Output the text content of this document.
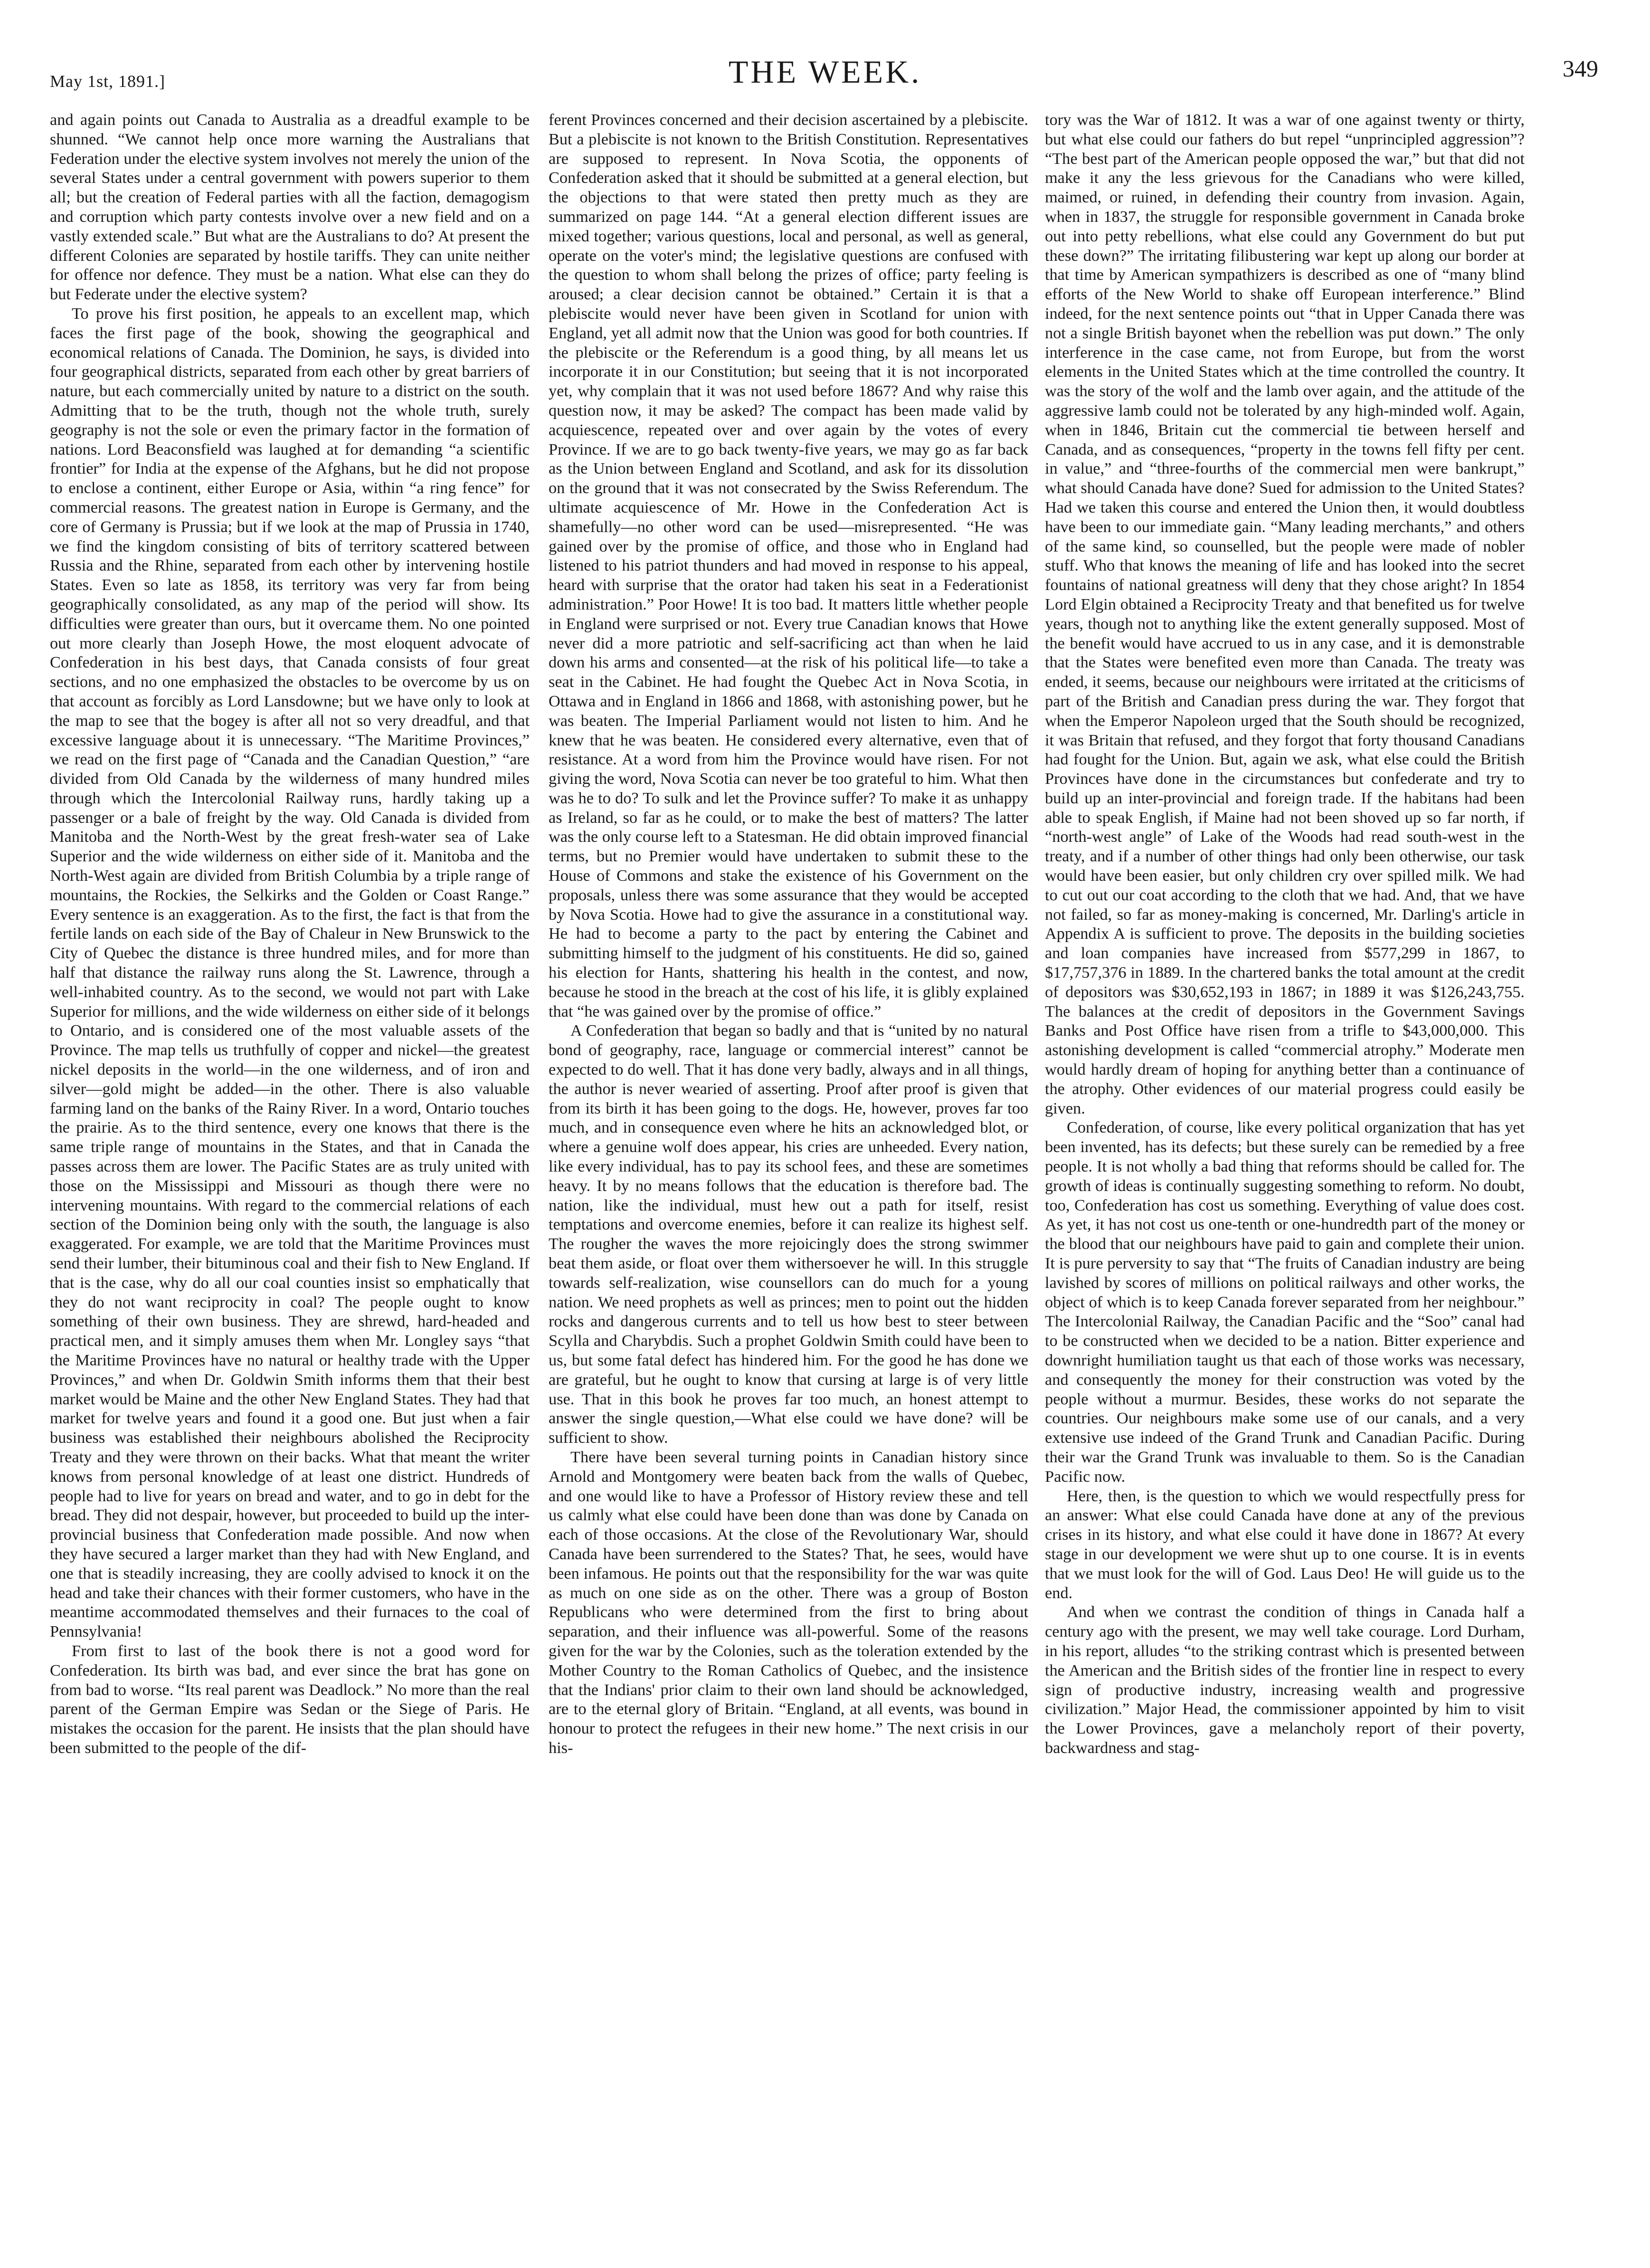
May 1st, 1891.]	THE WEEK.	349

and again points out Canada to Australia as a dreadful example to be shunned. “We cannot help once more warning the Australians that Federation under the elective system involves not merely the union of the several States under a central government with powers superior to them all; but the creation of Federal parties with all the faction, demagogism and corruption which party contests involve over a new field and on a vastly extended scale.” But what are the Australians to do? At present the different Colonies are separated by hostile tariffs. They can unite neither for offence nor defence. They must be a nation. What else can they do but Federate under the elective system?

To prove his first position, he appeals to an excellent map, which faces the first page of the book, showing the geographical and economical relations of Canada. The Dominion, he says, is divided into four geographical districts, separated from each other by great barriers of nature, but each commercially united by nature to a district on the south. Admitting that to be the truth, though not the whole truth, surely geography is not the sole or even the primary factor in the formation of nations. Lord Beaconsfield was laughed at for demanding “a scientific frontier” for India at the expense of the Afghans, but he did not propose to enclose a continent, either Europe or Asia, within “a ring fence” for commercial reasons. The greatest nation in Europe is Germany, and the core of Germany is Prussia; but if we look at the map of Prussia in 1740, we find the kingdom consisting of bits of territory scattered between Russia and the Rhine, separated from each other by intervening hostile States. Even so late as 1858, its territory was very far from being geographically consolidated, as any map of the period will show. Its difficulties were greater than ours, but it overcame them. No one pointed out more clearly than Joseph Howe, the most eloquent advocate of Confederation in his best days, that Canada consists of four great sections, and no one emphasized the obstacles to be overcome by us on that account as forcibly as Lord Lansdowne; but we have only to look at the map to see that the bogey is after all not so very dreadful, and that excessive language about it is unnecessary. “The Maritime Provinces,” we read on the first page of “Canada and the Canadian Question,” “are divided from Old Canada by the wilderness of many hundred miles through which the Intercolonial Railway runs, hardly taking up a passenger or a bale of freight by the way. Old Canada is divided from Manitoba and the North-West by the great fresh-water sea of Lake Superior and the wide wilderness on either side of it. Manitoba and the North-West again are divided from British Columbia by a triple range of mountains, the Rockies, the Selkirks and the Golden or Coast Range.” Every sentence is an exaggeration. As to the first, the fact is that from the fertile lands on each side of the Bay of Chaleur in New Brunswick to the City of Quebec the distance is three hundred miles, and for more than half that distance the railway runs along the St. Lawrence, through a well-inhabited country. As to the second, we would not part with Lake Superior for millions, and the wide wilderness on either side of it belongs to Ontario, and is considered one of the most valuable assets of the Province. The map tells us truthfully of copper and nickel—the greatest nickel deposits in the world—in the one wilderness, and of iron and silver—gold might be added—in the other. There is also valuable farming land on the banks of the Rainy River. In a word, Ontario touches the prairie. As to the third sentence, every one knows that there is the same triple range of mountains in the States, and that in Canada the passes across them are lower. The Pacific States are as truly united with those on the Mississippi and Missouri as though there were no intervening mountains. With regard to the commercial relations of each section of the Dominion being only with the south, the language is also exaggerated. For example, we are told that the Maritime Provinces must send their lumber, their bituminous coal and their fish to New England. If that is the case, why do all our coal counties insist so emphatically that they do not want reciprocity in coal? The people ought to know something of their own business. They are shrewd, hard-headed and practical men, and it simply amuses them when Mr. Longley says “that the Maritime Provinces have no natural or healthy trade with the Upper Provinces,” and when Dr. Goldwin Smith informs them that their best market would be Maine and the other New England States. They had that market for twelve years and found it a good one. But just when a fair business was established their neighbours abolished the Reciprocity Treaty and they were thrown on their backs. What that meant the writer knows from personal knowledge of at least one district. Hundreds of people had to live for years on bread and water, and to go in debt for the bread. They did not despair, however, but proceeded to build up the inter-provincial business that Confederation made possible. And now when they have secured a larger market than they had with New England, and one that is steadily increasing, they are coolly advised to knock it on the head and take their chances with their former customers, who have in the meantime accommodated themselves and their furnaces to the coal of Pennsylvania!

From first to last of the book there is not a good word for Confederation. Its birth was bad, and ever since the brat has gone on from bad to worse. “Its real parent was Deadlock.” No more than the real parent of the German Empire was Sedan or the Siege of Paris. He mistakes the occasion for the parent. He insists that the plan should have been submitted to the people of the dif-

ferent Provinces concerned and their decision ascertained by a plebiscite. But a plebiscite is not known to the British Constitution. Representatives are supposed to represent. In Nova Scotia, the opponents of Confederation asked that it should be submitted at a general election, but the objections to that were stated then pretty much as they are summarized on page 144. “At a general election different issues are mixed together; various questions, local and personal, as well as general, operate on the voter's mind; the legislative questions are confused with the question to whom shall belong the prizes of office; party feeling is aroused; a clear decision cannot be obtained.” Certain it is that a plebiscite would never have been given in Scotland for union with England, yet all admit now that the Union was good for both countries. If the plebiscite or the Referendum is a good thing, by all means let us incorporate it in our Constitution; but seeing that it is not incorporated yet, why complain that it was not used before 1867? And why raise this question now, it may be asked? The compact has been made valid by acquiescence, repeated over and over again by the votes of every Province. If we are to go back twenty-five years, we may go as far back as the Union between England and Scotland, and ask for its dissolution on the ground that it was not consecrated by the Swiss Referendum. The ultimate acquiescence of Mr. Howe in the Confederation Act is shamefully—no other word can be used—misrepresented. “He was gained over by the promise of office, and those who in England had listened to his patriot thunders and had moved in response to his appeal, heard with surprise that the orator had taken his seat in a Federationist administration.” Poor Howe! It is too bad. It matters little whether people in England were surprised or not. Every true Canadian knows that Howe never did a more patriotic and self-sacrificing act than when he laid down his arms and consented—at the risk of his political life—to take a seat in the Cabinet. He had fought the Quebec Act in Nova Scotia, in Ottawa and in England in 1866 and 1868, with astonishing power, but he was beaten. The Imperial Parliament would not listen to him. And he knew that he was beaten. He considered every alternative, even that of resistance. At a word from him the Province would have risen. For not giving the word, Nova Scotia can never be too grateful to him. What then was he to do? To sulk and let the Province suffer? To make it as unhappy as Ireland, so far as he could, or to make the best of matters? The latter was the only course left to a Statesman. He did obtain improved financial terms, but no Premier would have undertaken to submit these to the House of Commons and stake the existence of his Government on the proposals, unless there was some assurance that they would be accepted by Nova Scotia. Howe had to give the assurance in a constitutional way. He had to become a party to the pact by entering the Cabinet and submitting himself to the judgment of his constituents. He did so, gained his election for Hants, shattering his health in the contest, and now, because he stood in the breach at the cost of his life, it is glibly explained that “he was gained over by the promise of office.”

A Confederation that began so badly and that is “united by no natural bond of geography, race, language or commercial interest” cannot be expected to do well. That it has done very badly, always and in all things, the author is never wearied of asserting. Proof after proof is given that from its birth it has been going to the dogs. He, however, proves far too much, and in consequence even where he hits an acknowledged blot, or where a genuine wolf does appear, his cries are unheeded. Every nation, like every individual, has to pay its school fees, and these are sometimes heavy. It by no means follows that the education is therefore bad. The nation, like the individual, must hew out a path for itself, resist temptations and overcome enemies, before it can realize its highest self. The rougher the waves the more rejoicingly does the strong swimmer beat them aside, or float over them withersoever he will. In this struggle towards self-realization, wise counsellors can do much for a young nation. We need prophets as well as princes; men to point out the hidden rocks and dangerous currents and to tell us how best to steer between Scylla and Charybdis. Such a prophet Goldwin Smith could have been to us, but some fatal defect has hindered him. For the good he has done we are grateful, but he ought to know that cursing at large is of very little use. That in this book he proves far too much, an honest attempt to answer the single question,—What else could we have done? will be sufficient to show.

There have been several turning points in Canadian history since Arnold and Montgomery were beaten back from the walls of Quebec, and one would like to have a Professor of History review these and tell us calmly what else could have been done than was done by Canada on each of those occasions. At the close of the Revolutionary War, should Canada have been surrendered to the States? That, he sees, would have been infamous. He points out that the responsibility for the war was quite as much on one side as on the other. There was a group of Boston Republicans who were determined from the first to bring about separation, and their influence was all-powerful. Some of the reasons given for the war by the Colonies, such as the toleration extended by the Mother Country to the Roman Catholics of Quebec, and the insistence that the Indians' prior claim to their own land should be acknowledged, are to the eternal glory of Britain. “England, at all events, was bound in honour to protect the refugees in their new home.” The next crisis in our his-

tory was the War of 1812. It was a war of one against twenty or thirty, but what else could our fathers do but repel “unprincipled aggression”? “The best part of the American people opposed the war,” but that did not make it any the less grievous for the Canadians who were killed, maimed, or ruined, in defending their country from invasion. Again, when in 1837, the struggle for responsible government in Canada broke out into petty rebellions, what else could any Government do but put these down?” The irritating filibustering war kept up along our border at that time by American sympathizers is described as one of “many blind efforts of the New World to shake off European interference.” Blind indeed, for the next sentence points out “that in Upper Canada there was not a single British bayonet when the rebellion was put down.” The only interference in the case came, not from Europe, but from the worst elements in the United States which at the time controlled the country. It was the story of the wolf and the lamb over again, and the attitude of the aggressive lamb could not be tolerated by any high-minded wolf. Again, when in 1846, Britain cut the commercial tie between herself and Canada, and as consequences, “property in the towns fell fifty per cent. in value,” and “three-fourths of the commercial men were bankrupt,” what should Canada have done? Sued for admission to the United States? Had we taken this course and entered the Union then, it would doubtless have been to our immediate gain. “Many leading merchants,” and others of the same kind, so counselled, but the people were made of nobler stuff. Who that knows the meaning of life and has looked into the secret fountains of national greatness will deny that they chose aright? In 1854 Lord Elgin obtained a Reciprocity Treaty and that benefited us for twelve years, though not to anything like the extent generally supposed. Most of the benefit would have accrued to us in any case, and it is demonstrable that the States were benefited even more than Canada. The treaty was ended, it seems, because our neighbours were irritated at the criticisms of part of the British and Canadian press during the war. They forgot that when the Emperor Napoleon urged that the South should be recognized, it was Britain that refused, and they forgot that forty thousand Canadians had fought for the Union. But, again we ask, what else could the British Provinces have done in the circumstances but confederate and try to build up an inter-provincial and foreign trade. If the habitans had been able to speak English, if Maine had not been shoved up so far north, if “north-west angle” of Lake of the Woods had read south-west in the treaty, and if a number of other things had only been otherwise, our task would have been easier, but only children cry over spilled milk. We had to cut out our coat according to the cloth that we had. And, that we have not failed, so far as money-making is concerned, Mr. Darling's article in Appendix A is sufficient to prove. The deposits in the building societies and loan companies have increased from $577,299 in 1867, to $17,757,376 in 1889. In the chartered banks the total amount at the credit of depositors was $30,652,193 in 1867; in 1889 it was $126,243,755. The balances at the credit of depositors in the Government Savings Banks and Post Office have risen from a trifle to $43,000,000. This astonishing development is called “commercial atrophy.” Moderate men would hardly dream of hoping for anything better than a continuance of the atrophy. Other evidences of our material progress could easily be given.

Confederation, of course, like every political organization that has yet been invented, has its defects; but these surely can be remedied by a free people. It is not wholly a bad thing that reforms should be called for. The growth of ideas is continually suggesting something to reform. No doubt, too, Confederation has cost us something. Everything of value does cost. As yet, it has not cost us one-tenth or one-hundredth part of the money or the blood that our neighbours have paid to gain and complete their union. It is pure perversity to say that “The fruits of Canadian industry are being lavished by scores of millions on political railways and other works, the object of which is to keep Canada forever separated from her neighbour.” The Intercolonial Railway, the Canadian Pacific and the “Soo” canal had to be constructed when we decided to be a nation. Bitter experience and downright humiliation taught us that each of those works was necessary, and consequently the money for their construction was voted by the people without a murmur. Besides, these works do not separate the countries. Our neighbours make some use of our canals, and a very extensive use indeed of the Grand Trunk and Canadian Pacific. During their war the Grand Trunk was invaluable to them. So is the Canadian Pacific now.

Here, then, is the question to which we would respectfully press for an answer: What else could Canada have done at any of the previous crises in its history, and what else could it have done in 1867? At every stage in our development we were shut up to one course. It is in events that we must look for the will of God. Laus Deo! He will guide us to the end.

And when we contrast the condition of things in Canada half a century ago with the present, we may well take courage. Lord Durham, in his report, alludes “to the striking contrast which is presented between the American and the British sides of the frontier line in respect to every sign of productive industry, increasing wealth and progressive civilization.” Major Head, the commissioner appointed by him to visit the Lower Provinces, gave a melancholy report of their poverty, backwardness and stag-
